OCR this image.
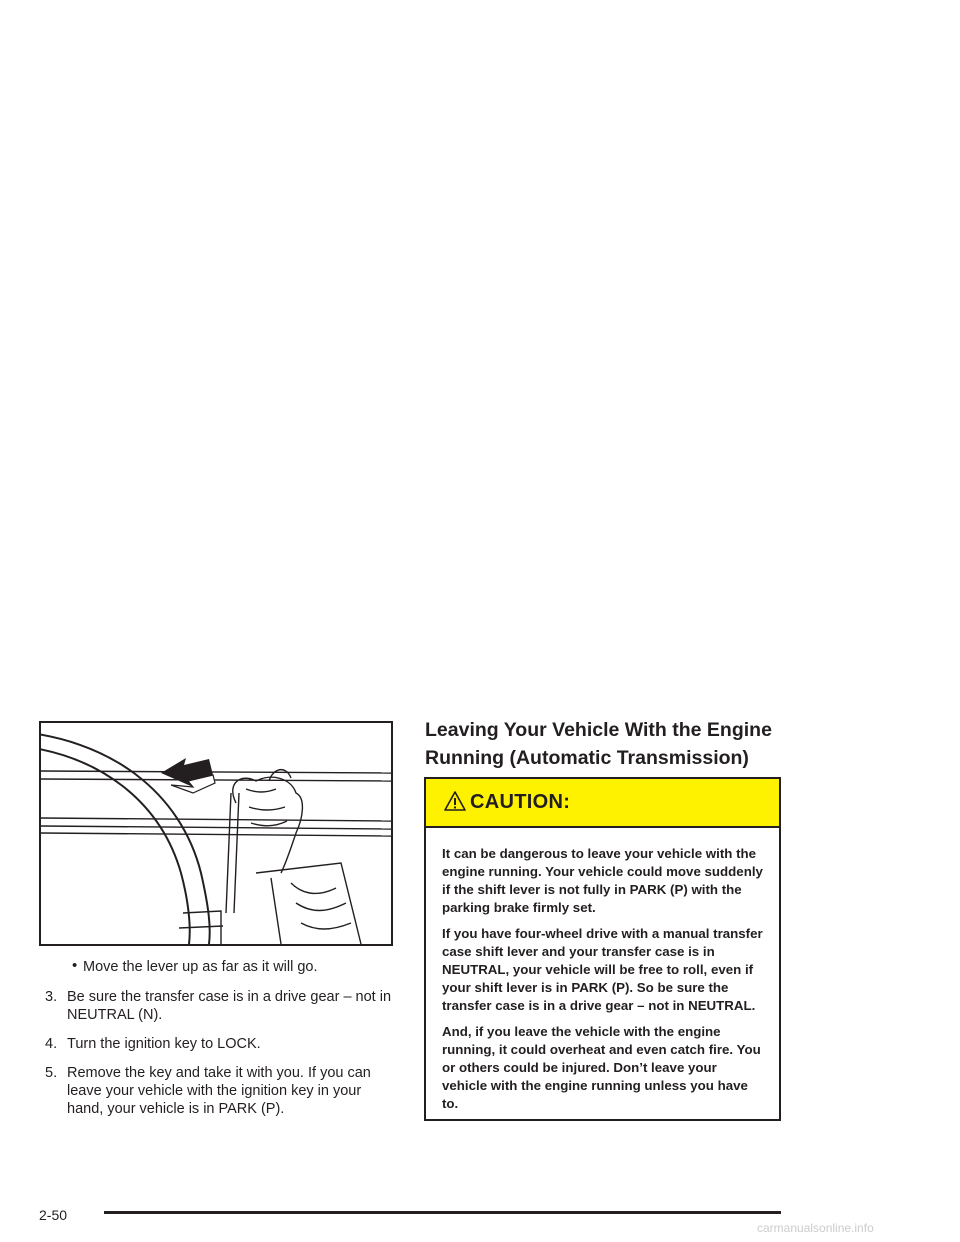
• Move the lever up as far as it will go.
3. Be sure the transfer case is in a drive gear – not in NEUTRAL (N).
4. Turn the ignition key to LOCK.
5. Remove the key and take it with you. If you can leave your vehicle with the ignition key in your hand, your vehicle is in PARK (P).
Leaving Your Vehicle With the Engine Running (Automatic Transmission)
CAUTION:

It can be dangerous to leave your vehicle with the engine running. Your vehicle could move suddenly if the shift lever is not fully in PARK (P) with the parking brake firmly set.

If you have four-wheel drive with a manual transfer case shift lever and your transfer case is in NEUTRAL, your vehicle will be free to roll, even if your shift lever is in PARK (P). So be sure the transfer case is in a drive gear – not in NEUTRAL.

And, if you leave the vehicle with the engine running, it could overheat and even catch fire. You or others could be injured. Don’t leave your vehicle with the engine running unless you have to.

2-50
carmanualsonline.info
